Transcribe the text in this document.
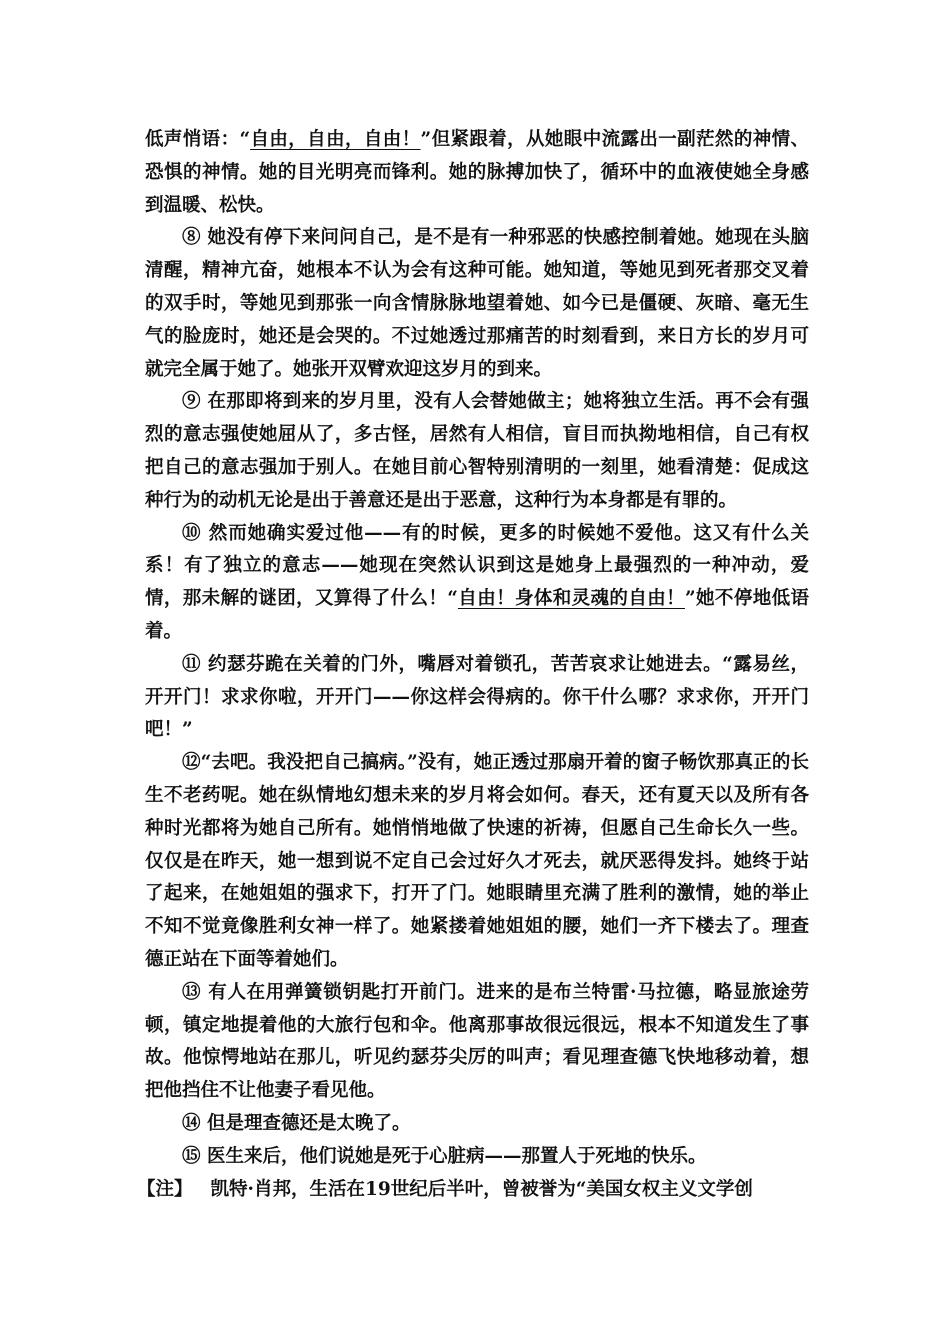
低声悄语：“自由，自由，自由！”但紧跟着，从她眼中流露出一副茫然的神情、恐惧的神情。她的目光明亮而锋利。她的脉搏加快了，循环中的血液使她全身感到温暖、松快。

⑧ 她没有停下来问问自己，是不是有一种邪恶的快感控制着她。她现在头脑清醒，精神亢奋，她根本不认为会有这种可能。她知道，等她见到死者那交叉着的双手时，等她见到那张一向含情脉脉地望着她、如今已是僵硬、灰暗、毫无生气的脸庞时，她还是会哭的。不过她透过那痛苦的时刻看到，来日方长的岁月可就完全属于她了。她张开双臂欢迎这岁月的到来。

⑨ 在那即将到来的岁月里，没有人会替她做主；她将独立生活。再不会有强烈的意志强使她屈从了，多古怪，居然有人相信，盲目而执拗地相信，自己有权把自己的意志强加于别人。在她目前心智特别清明的一刻里，她看清楚：促成这种行为的动机无论是出于善意还是出于恶意，这种行为本身都是有罪的。

⑩ 然而她确实爱过他——有的时候，更多的时候她不爱他。这又有什么关系！有了独立的意志——她现在突然认识到这是她身上最强烈的一种冲动，爱情，那未解的谜团，又算得了什么！“自由！身体和灵魂的自由！”她不停地低语着。

⑪ 约瑟芬跪在关着的门外，嘴唇对着锁孔，苦苦哀求让她进去。“露易丝，开开门！求求你啦，开开门——你这样会得病的。你干什么哪？求求你，开开门吧！”

⑫“去吧。我没把自己搞病。”没有，她正透过那扇开着的窗子畅饮那真正的长生不老药呢。她在纵情地幻想未来的岁月将会如何。春天，还有夏天以及所有各种时光都将为她自己所有。她悄悄地做了快速的祈祷，但愿自己生命长久一些。仅仅是在昨天，她一想到说不定自己会过好久才死去，就厌恶得发抖。她终于站了起来，在她姐姐的强求下，打开了门。她眼睛里充满了胜利的激情，她的举止不知不觉竟像胜利女神一样了。她紧搂着她姐姐的腰，她们一齐下楼去了。理查德正站在下面等着她们。

⑬ 有人在用弹簧锁钥匙打开前门。进来的是布兰特雷·马拉德，略显旅途劳顿，镇定地提着他的大旅行包和伞。他离那事故很远很远，根本不知道发生了事故。他惊愕地站在那儿，听见约瑟芬尖厉的叫声；看见理查德飞快地移动着，想把他挡住不让他妻子看见他。

⑭ 但是理查德还是太晚了。

⑮ 医生来后，他们说她是死于心脏病——那置人于死地的快乐。

【注】 凯特·肖邦，生活在19世纪后半叶，曾被誉为“美国女权主义文学创
